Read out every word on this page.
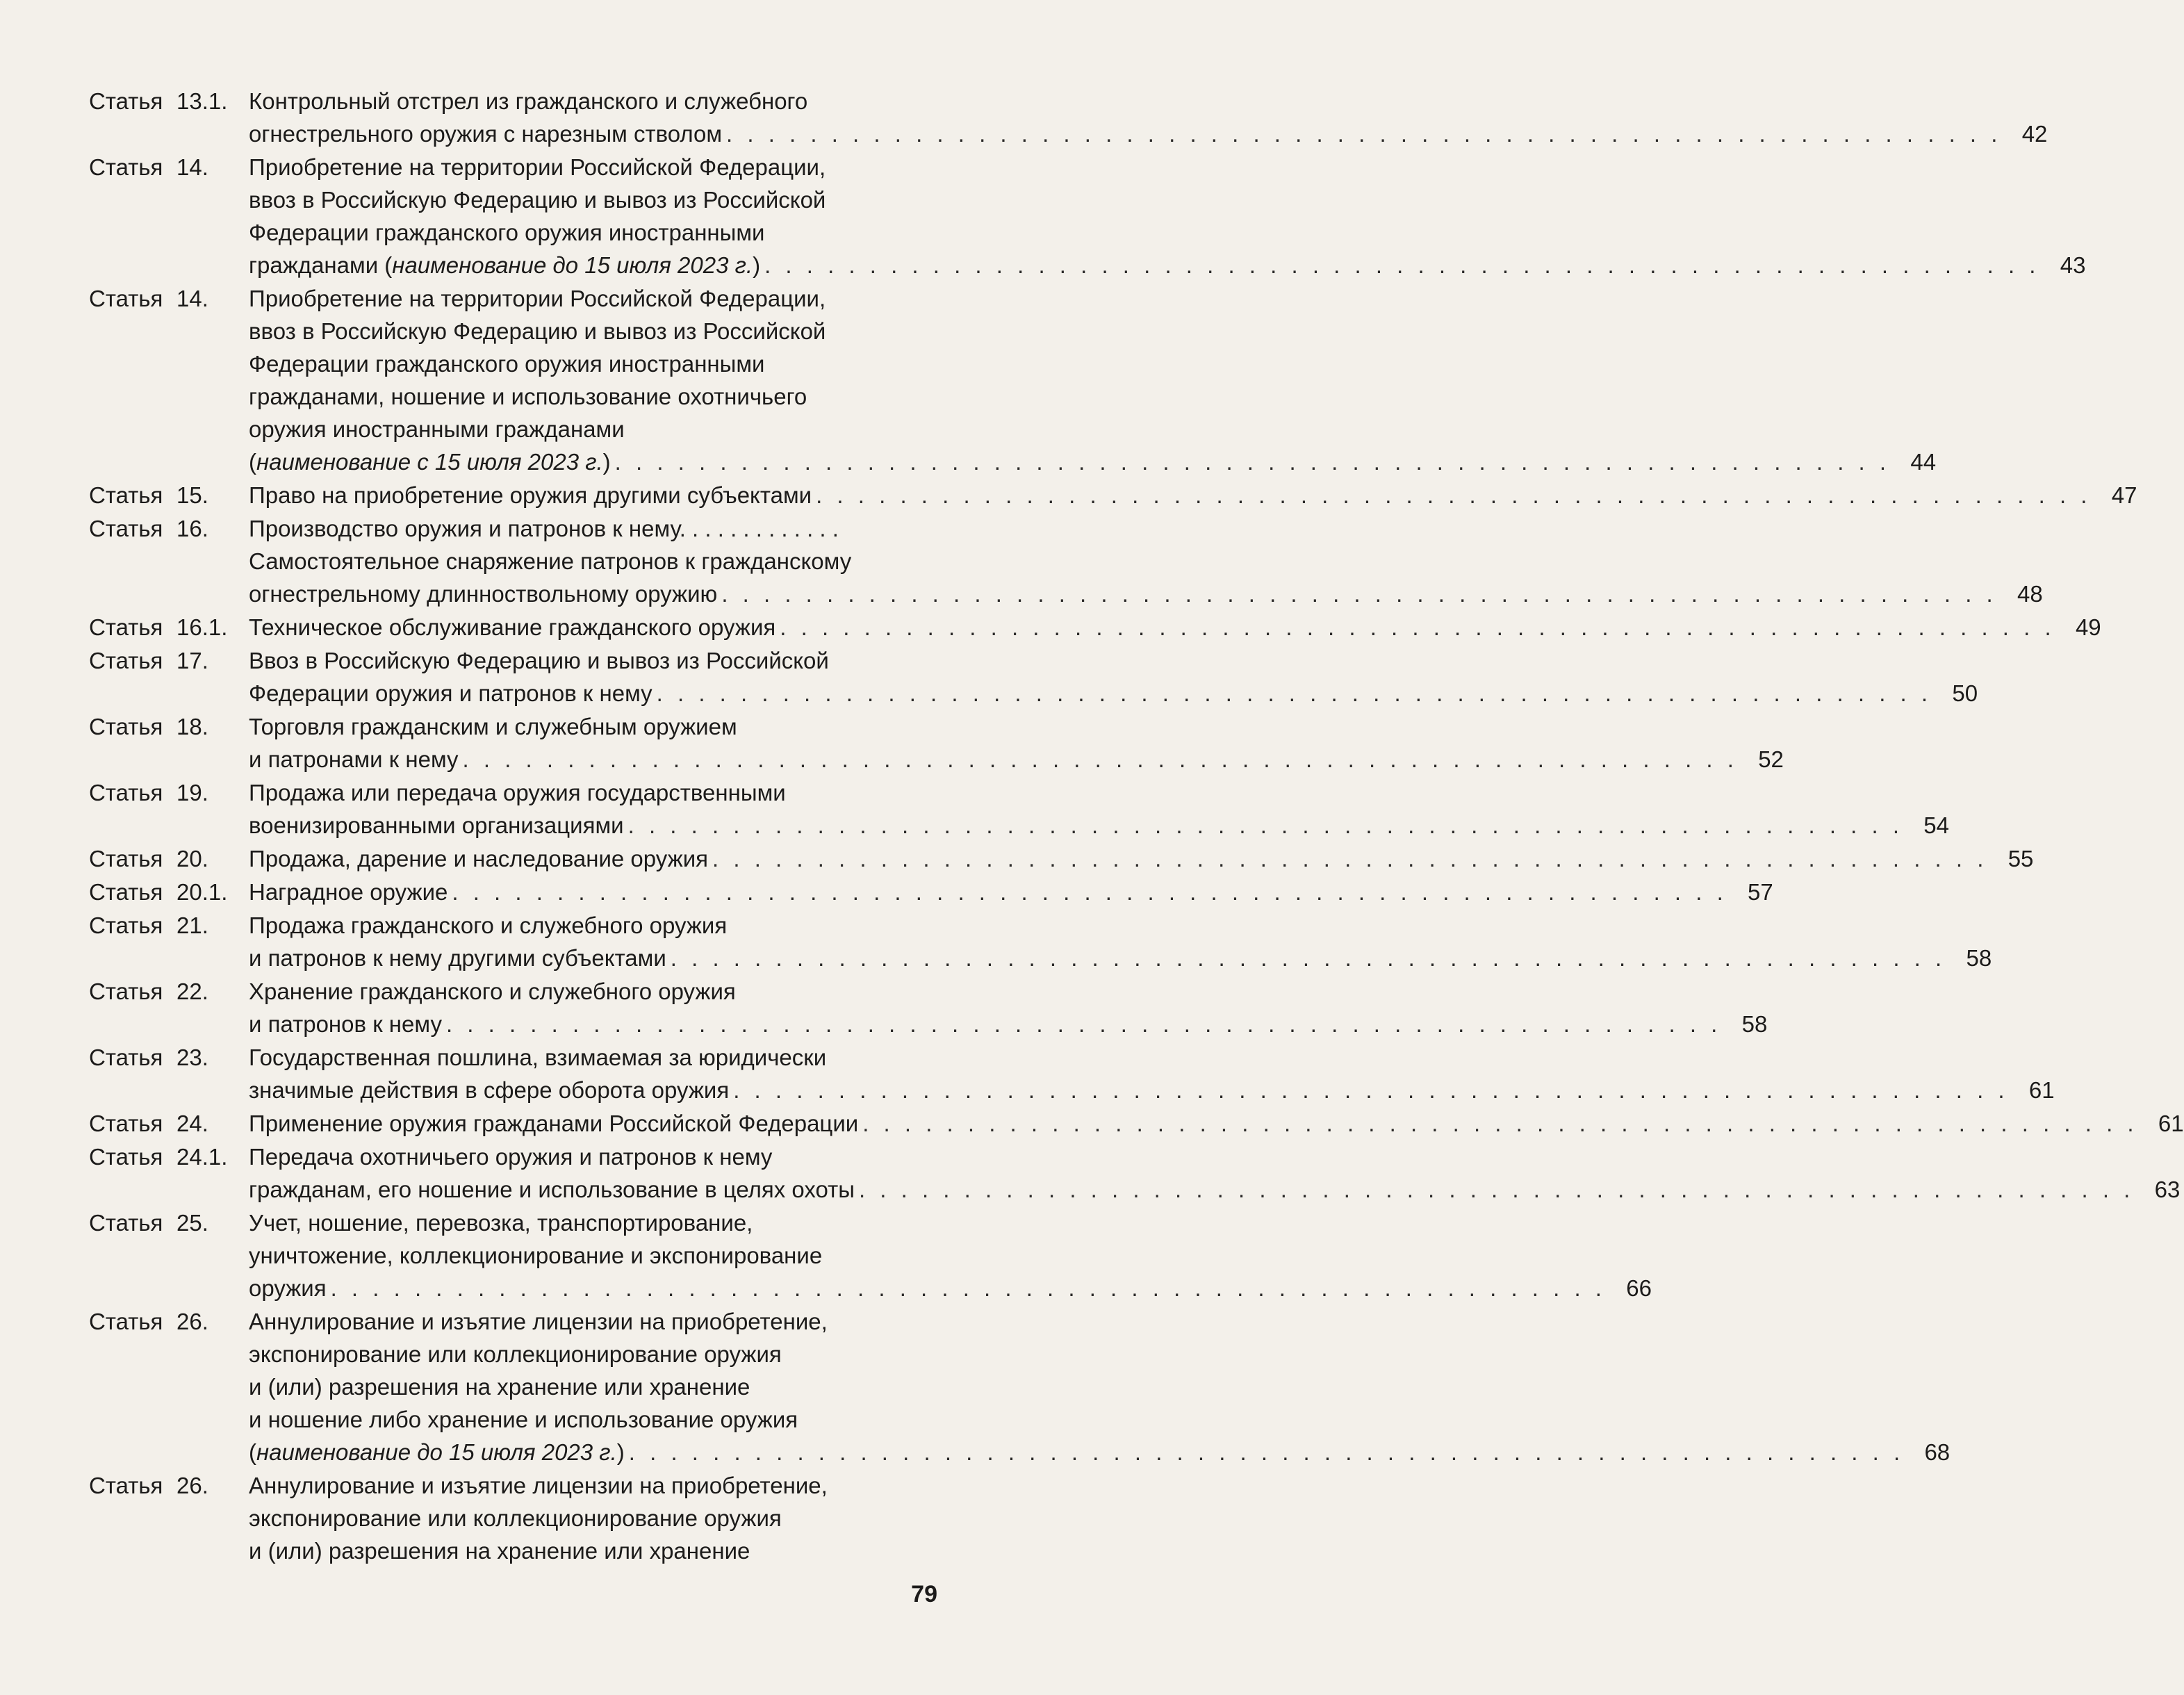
Статья 13.1. Контрольный отстрел из гражданского и служебного
огнестрельного оружия с нарезным стволом . . . . . . . . . . . . . . . . . . . . . . . . . . . . . . . . . . . . . . . . . . . . . . . . . . . . . . . . . . . . . 42
Статья 14.	Приобретение на территории Российской Федерации,
ввоз в Российскую Федерацию и вывоз из Российской
Федерации гражданского оружия иностранными
гражданами (наименование до 15 июля 2023 г.) . . . . . . . . . . . . . . . . . . . . . . . . . . . . . . . . . . . . . . . . . . . . . . . . . . . . . . . . . . . . . 43
Статья 14.	Приобретение на территории Российской Федерации,
ввоз в Российскую Федерацию и вывоз из Российской
Федерации гражданского оружия иностранными
гражданами, ношение и использование охотничьего
оружия иностранными гражданами
(наименование с 15 июля 2023 г.) . . . . . . . . . . . . . . . . . . . . . . . . . . . . . . . . . . . . . . . . . . . . . . . . . . . . . . . . . . . . . 44
Статья 15.	Право на приобретение оружия другими субъектами . . . . . . . . . . . . . . . . . . . . . . . . . . . . . . . . . . . . . . . . . . . . . . . . . . . . . . . . . . . . . 47
Статья 16.	Производство оружия и патронов к нему. . . . . . . . . . . . .
Самостоятельное снаряжение патронов к гражданскому
огнестрельному длинноствольному оружию . . . . . . . . . . . . . . . . . . . . . . . . . . . . . . . . . . . . . . . . . . . . . . . . . . . . . . . . . . . . . 48
Статья 16.1. Техническое обслуживание гражданского оружия . . . . . . . . . . . . . . . . . . . . . . . . . . . . . . . . . . . . . . . . . . . . . . . . . . . . . . . . . . . . . 49
Статья 17.	Ввоз в Российскую Федерацию и вывоз из Российской
Федерации оружия и патронов к нему . . . . . . . . . . . . . . . . . . . . . . . . . . . . . . . . . . . . . . . . . . . . . . . . . . . . . . . . . . . . . 50
Статья 18.	Торговля гражданским и служебным оружием
и патронами к нему . . . . . . . . . . . . . . . . . . . . . . . . . . . . . . . . . . . . . . . . . . . . . . . . . . . . . . . . . . . . . 52
Статья 19.	Продажа или передача оружия государственными
военизированными организациями . . . . . . . . . . . . . . . . . . . . . . . . . . . . . . . . . . . . . . . . . . . . . . . . . . . . . . . . . . . . . 54
Статья 20.	Продажа, дарение и наследование оружия . . . . . . . . . . . . . . . . . . . . . . . . . . . . . . . . . . . . . . . . . . . . . . . . . . . . . . . . . . . . . 55
Статья 20.1. Наградное оружие . . . . . . . . . . . . . . . . . . . . . . . . . . . . . . . . . . . . . . . . . . . . . . . . . . . . . . . . . . . . . 57
Статья 21.	Продажа гражданского и служебного оружия
и патронов к нему другими субъектами . . . . . . . . . . . . . . . . . . . . . . . . . . . . . . . . . . . . . . . . . . . . . . . . . . . . . . . . . . . . . 58
Статья 22.	Хранение гражданского и служебного оружия
и патронов к нему . . . . . . . . . . . . . . . . . . . . . . . . . . . . . . . . . . . . . . . . . . . . . . . . . . . . . . . . . . . . . 58
Статья 23.	Государственная пошлина, взимаемая за юридически
значимые действия в сфере оборота оружия . . . . . . . . . . . . . . . . . . . . . . . . . . . . . . . . . . . . . . . . . . . . . . . . . . . . . . . . . . . . . 61
Статья 24.	Применение оружия гражданами Российской Федерации . . . . . . . . . . . . . . . . . . . . . . . . . . . . . . . . . . . . . . . . . . . . . . . . . . . . . . . . . . . . . 61
Статья 24.1. Передача охотничьего оружия и патронов к нему
гражданам, его ношение и использование в целях охоты . . . . . . . . . . . . . . . . . . . . . . . . . . . . . . . . . . . . . . . . . . . . . . . . . . . . . . . . . . . . . 63
Статья 25.	Учет, ношение, перевозка, транспортирование,
уничтожение, коллекционирование и экспонирование
оружия . . . . . . . . . . . . . . . . . . . . . . . . . . . . . . . . . . . . . . . . . . . . . . . . . . . . . . . . . . . . . 66
Статья 26.	Аннулирование и изъятие лицензии на приобретение,
экспонирование или коллекционирование оружия
и (или) разрешения на хранение или хранение
и ношение либо хранение и использование оружия
(наименование до 15 июля 2023 г.) . . . . . . . . . . . . . . . . . . . . . . . . . . . . . . . . . . . . . . . . . . . . . . . . . . . . . . . . . . . . . 68
Статья 26.	Аннулирование и изъятие лицензии на приобретение,
экспонирование или коллекционирование оружия
и (или) разрешения на хранение или хранение
79
